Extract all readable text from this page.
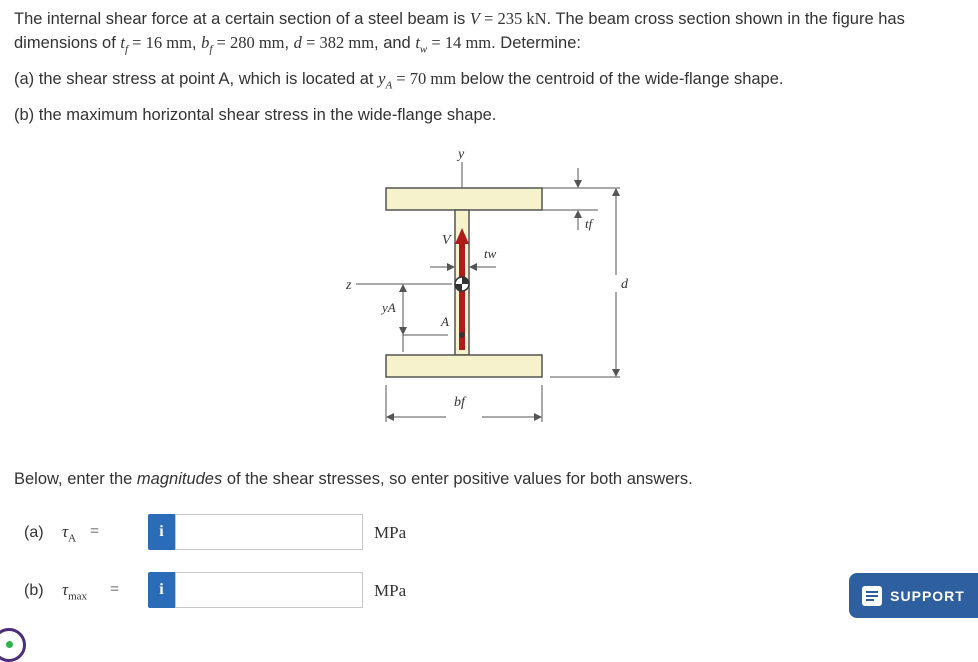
The internal shear force at a certain section of a steel beam is V = 235 kN. The beam cross section shown in the figure has dimensions of $t_f = 16$ mm, $b_f = 280$ mm, d = 382 mm, and $t_w = 14$ mm. Determine:
(a) the shear stress at point A, which is located at $y_A = 70$ mm below the centroid of the wide-flange shape.
(b) the maximum horizontal shear stress in the wide-flange shape.
y
V
tw
z
yA
A
tf
d
bf
Below, enter the magnitudes of the shear stresses, so enter positive values for both answers.
(a) $\tau_A$ =	i	MPa
(b) $\tau_{max}$ =	i	MPa	SUPPORT
